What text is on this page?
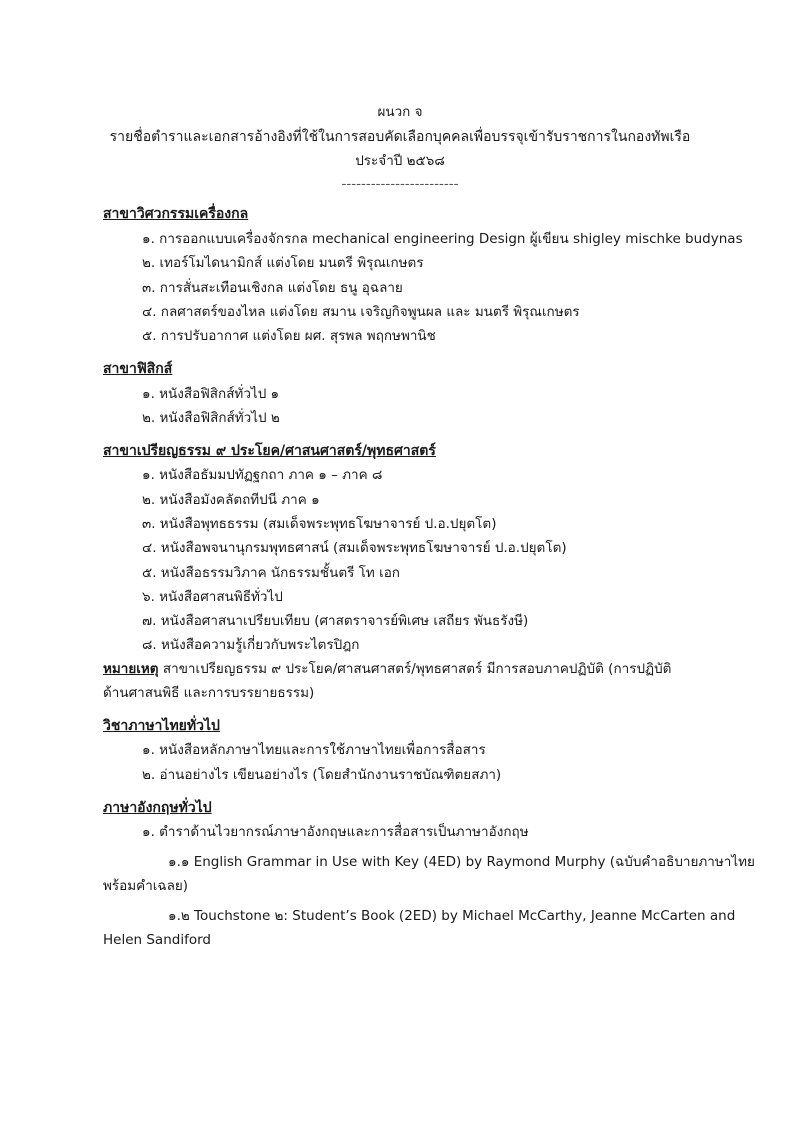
ผนวก จ
รายชื่อตำราและเอกสารอ้างอิงที่ใช้ในการสอบคัดเลือกบุคคลเพื่อบรรจุเข้ารับราชการในกองทัพเรือ
ประจำปี ๒๕๖๘
------------------------
สาขาวิศวกรรมเครื่องกล
๑. การออกแบบเครื่องจักรกล mechanical engineering Design ผู้เขียน shigley mischke budynas
๒. เทอร์โมไดนามิกส์ แต่งโดย มนตรี พิรุณเกษตร
๓. การสั่นสะเทือนเชิงกล แต่งโดย ธนู อุฉลาย
๔. กลศาสตร์ของไหล แต่งโดย สมาน เจริญกิจพูนผล และ มนตรี พิรุณเกษตร
๕. การปรับอากาศ แต่งโดย ผศ. สุรพล พฤกษพานิช
สาขาฟิสิกส์
๑. หนังสือฟิสิกส์ทั่วไป ๑
๒. หนังสือฟิสิกส์ทั่วไป ๒
สาขาเปรียญธรรม ๙ ประโยค/ศาสนศาสตร์/พุทธศาสตร์
๑. หนังสือธัมมปทัฏฐกถา ภาค ๑ – ภาค ๘
๒. หนังสือมังคลัตถทีปนี ภาค ๑
๓. หนังสือพุทธธรรม (สมเด็จพระพุทธโฆษาจารย์ ป.อ.ปยุตโต)
๔. หนังสือพจนานุกรมพุทธศาสน์ (สมเด็จพระพุทธโฆษาจารย์ ป.อ.ปยุตโต)
๕. หนังสือธรรมวิภาค นักธรรมชั้นตรี โท เอก
๖. หนังสือศาสนพิธีทั่วไป
๗. หนังสือศาสนาเปรียบเทียบ (ศาสตราจารย์พิเศษ เสถียร พันธรังษี)
๘. หนังสือความรู้เกี่ยวกับพระไตรปิฎก
หมายเหตุ สาขาเปรียญธรรม ๙ ประโยค/ศาสนศาสตร์/พุทธศาสตร์ มีการสอบภาคปฏิบัติ (การปฏิบัติ
ด้านศาสนพิธี และการบรรยายธรรม)
วิชาภาษาไทยทั่วไป
๑. หนังสือหลักภาษาไทยและการใช้ภาษาไทยเพื่อการสื่อสาร
๒. อ่านอย่างไร เขียนอย่างไร (โดยสำนักงานราชบัณฑิตยสภา)
ภาษาอังกฤษทั่วไป
๑. ตำราด้านไวยากรณ์ภาษาอังกฤษและการสื่อสารเป็นภาษาอังกฤษ
๑.๑ English Grammar in Use with Key (4ED) by Raymond Murphy (ฉบับคำอธิบายภาษาไทย
พร้อมคำเฉลย)
๑.๒ Touchstone ๒: Student’s Book (2ED) by Michael McCarthy, Jeanne McCarten and
Helen Sandiford
